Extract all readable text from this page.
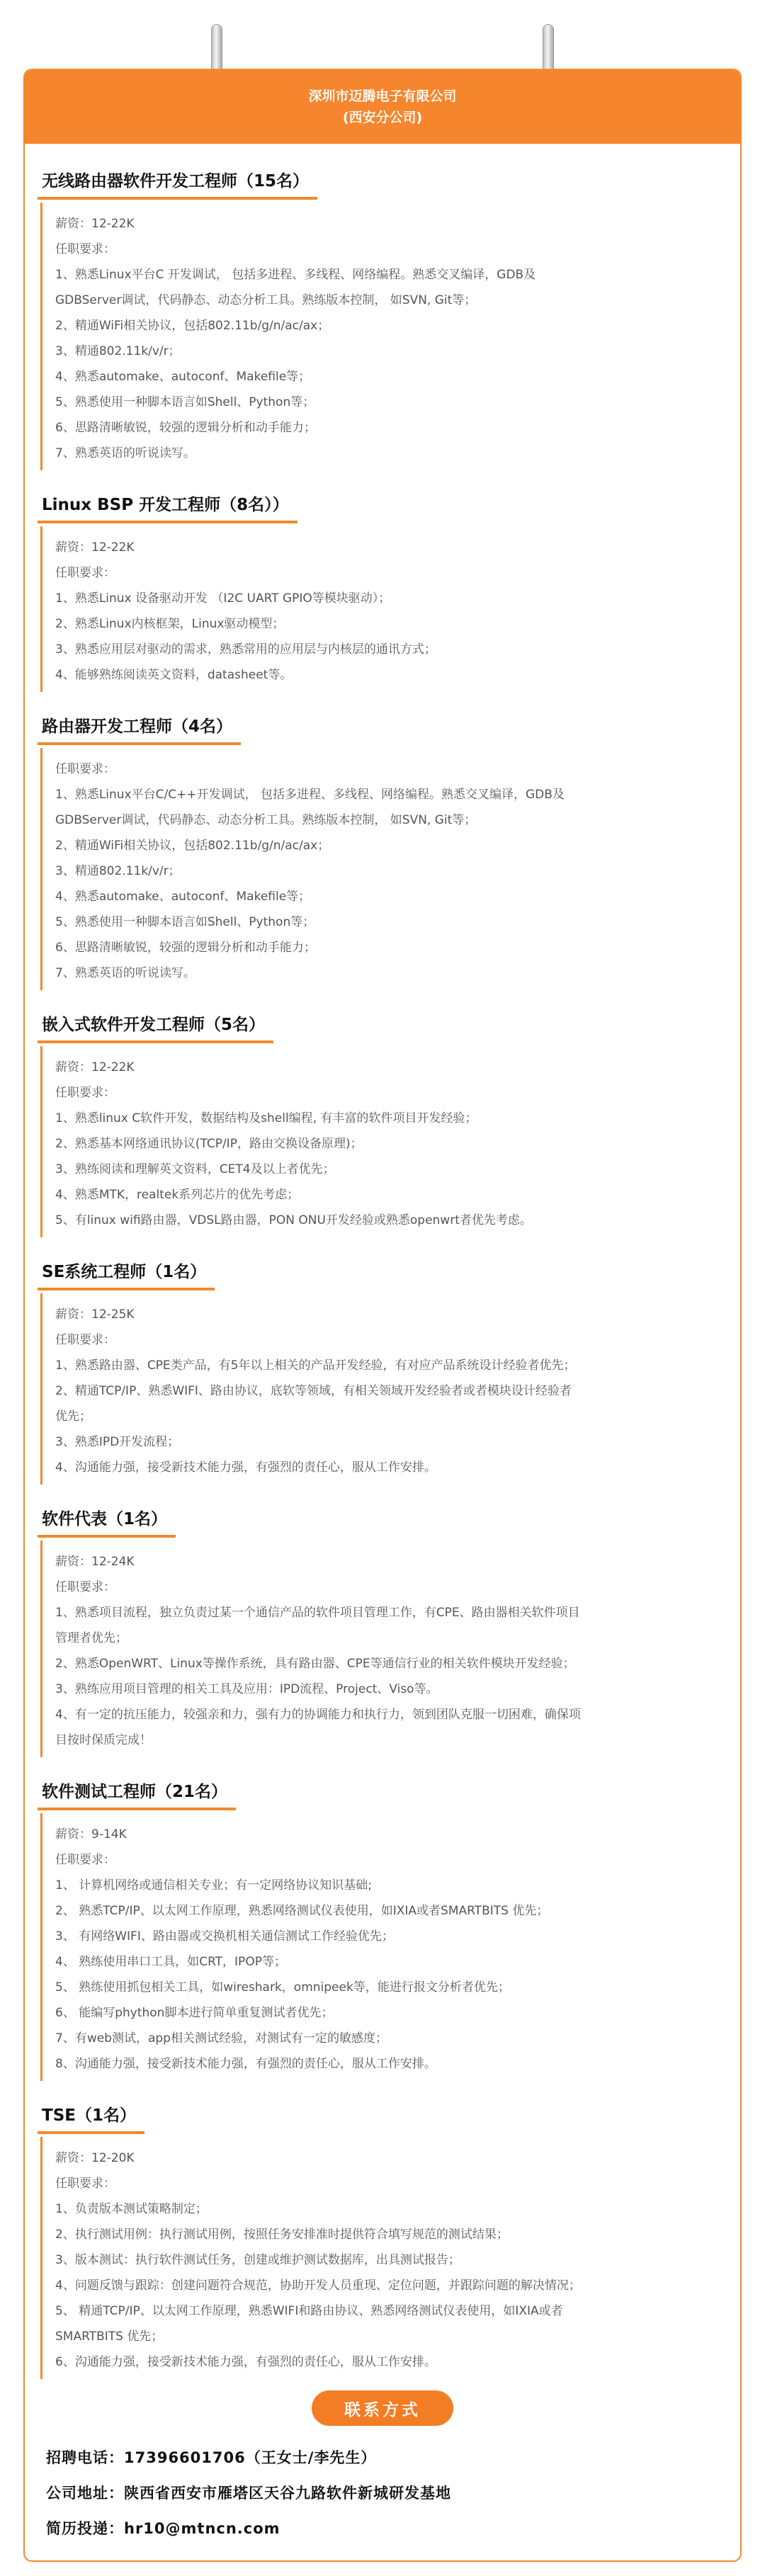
深圳市迈腾电子有限公司
(西安分公司)
无线路由器软件开发工程师（15名）
薪资：12-22K
任职要求：
1、熟悉Linux平台C 开发调试， 包括多进程、多线程、网络编程。熟悉交叉编译，GDB及
GDBServer调试，代码静态、动态分析工具。熟练版本控制， 如SVN, Git等；
2、精通WiFi相关协议，包括802.11b/g/n/ac/ax；
3、精通802.11k/v/r；
4、熟悉automake、autoconf、Makefile等；
5、熟悉使用一种脚本语言如Shell、Python等；
6、思路清晰敏锐，较强的逻辑分析和动手能力；
7、熟悉英语的听说读写。
Linux BSP 开发工程师（8名））
薪资：12-22K
任职要求：
1、熟悉Linux 设备驱动开发 （I2C UART GPIO等模块驱动）；
2、熟悉Linux内核框架，Linux驱动模型；
3、熟悉应用层对驱动的需求，熟悉常用的应用层与内核层的通讯方式；
4、能够熟练阅读英文资料，datasheet等。
路由器开发工程师（4名）
任职要求：
1、熟悉Linux平台C/C++开发调试， 包括多进程、多线程、网络编程。熟悉交叉编译，GDB及
GDBServer调试，代码静态、动态分析工具。熟练版本控制， 如SVN, Git等；
2、精通WiFi相关协议，包括802.11b/g/n/ac/ax；
3、精通802.11k/v/r；
4、熟悉automake、autoconf、Makefile等；
5、熟悉使用一种脚本语言如Shell、Python等；
6、思路清晰敏锐，较强的逻辑分析和动手能力；
7、熟悉英语的听说读写。
嵌入式软件开发工程师（5名）
薪资：12-22K
任职要求：
1、熟悉linux C软件开发，数据结构及shell编程, 有丰富的软件项目开发经验；
2、熟悉基本网络通讯协议(TCP/IP，路由交换设备原理)；
3、熟练阅读和理解英文资料，CET4及以上者优先；
4、熟悉MTK，realtek系列芯片的优先考虑；
5、有linux wifi路由器，VDSL路由器，PON ONU开发经验或熟悉openwrt者优先考虑。
SE系统工程师（1名）
薪资：12-25K
任职要求：
1、熟悉路由器、CPE类产品，有5年以上相关的产品开发经验，有对应产品系统设计经验者优先；
2、精通TCP/IP、熟悉WIFI、路由协议，底软等领域，有相关领域开发经验者或者模块设计经验者
优先；
3、熟悉IPD开发流程；
4、沟通能力强，接受新技术能力强，有强烈的责任心，服从工作安排。
软件代表（1名）
薪资：12-24K
任职要求：
1、熟悉项目流程，独立负责过某一个通信产品的软件项目管理工作，有CPE、路由器相关软件项目
管理者优先；
2、熟悉OpenWRT、Linux等操作系统，具有路由器、CPE等通信行业的相关软件模块开发经验；
3、熟练应用项目管理的相关工具及应用：IPD流程、Project、Viso等。
4、有一定的抗压能力，较强亲和力，强有力的协调能力和执行力，领到团队克服一切困难，确保项
目按时保质完成！
软件测试工程师（21名）
薪资：9-14K
任职要求：
1、 计算机网络或通信相关专业；有一定网络协议知识基础;
2、 熟悉TCP/IP、以太网工作原理，熟悉网络测试仪表使用，如IXIA或者SMARTBITS 优先；
3、 有网络WIFI、路由器或交换机相关通信测试工作经验优先；
4、 熟练使用串口工具，如CRT，IPOP等；
5、 熟练使用抓包相关工具，如wireshark，omnipeek等，能进行报文分析者优先；
6、 能编写phython脚本进行简单重复测试者优先；
7、有web测试，app相关测试经验，对测试有一定的敏感度；
8、沟通能力强，接受新技术能力强，有强烈的责任心，服从工作安排。
TSE（1名）
薪资：12-20K
任职要求：
1、负责版本测试策略制定；
2、执行测试用例：执行测试用例，按照任务安排准时提供符合填写规范的测试结果；
3、版本测试：执行软件测试任务，创建或维护测试数据库，出具测试报告；
4、问题反馈与跟踪：创建问题符合规范，协助开发人员重现、定位问题，并跟踪问题的解决情况；
5、 精通TCP/IP、以太网工作原理，熟悉WIFI和路由协议、熟悉网络测试仪表使用，如IXIA或者
SMARTBITS 优先；
6、沟通能力强，接受新技术能力强，有强烈的责任心，服从工作安排。
联系方式
招聘电话：17396601706（王女士/李先生）
公司地址：陕西省西安市雁塔区天谷九路软件新城研发基地
简历投递：hr10@mtncn.com
